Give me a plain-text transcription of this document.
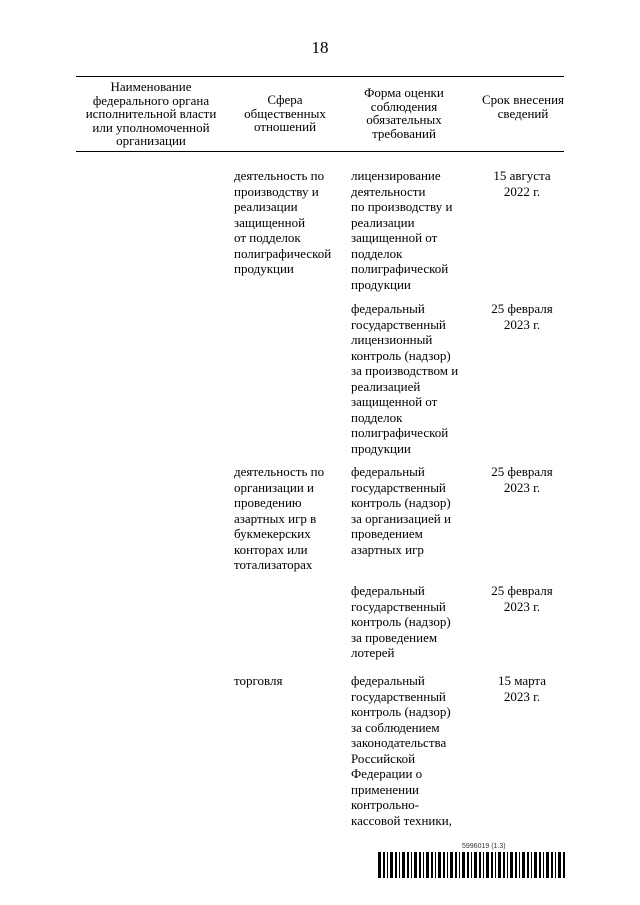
18
Наименование федерального органа исполнительной власти или уполномоченной организации
Сфера общественных отношений
Форма оценки соблюдения обязательных требований
Срок внесения сведений
деятельность по
производству и
реализации
защищенной
от подделок
полиграфической
продукции
лицензирование
деятельности
по производству и
реализации
защищенной от
подделок
полиграфической
продукции
15 августа
2022 г.
федеральный
государственный
лицензионный
контроль (надзор)
за производством и
реализацией
защищенной от
подделок
полиграфической
продукции
25 февраля
2023 г.
деятельность по
организации и
проведению
азартных игр в
букмекерских
конторах или
тотализаторах
федеральный
государственный
контроль (надзор)
за организацией и
проведением
азартных игр
25 февраля
2023 г.
федеральный
государственный
контроль (надзор)
за проведением
лотерей
25 февраля
2023 г.
торговля	федеральный
государственный
контроль (надзор)
за соблюдением
законодательства
Российской
Федерации о
применении
контрольно-
кассовой техники,
15 марта
2023 г.
5996019 (1.3)
